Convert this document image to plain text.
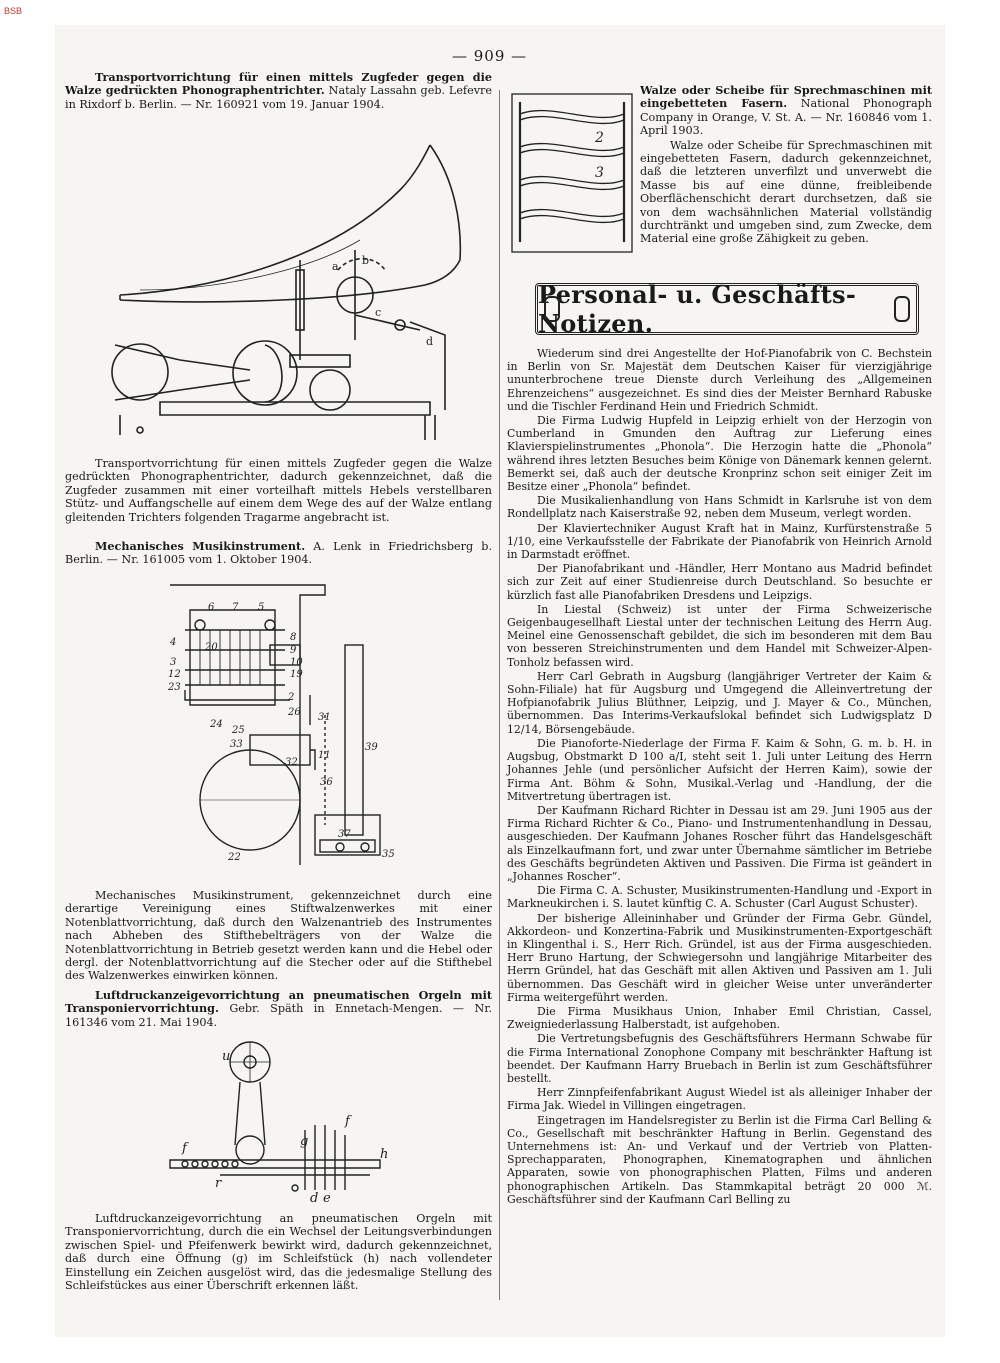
BSB
— 909 —

Transportvorrichtung für einen mittels Zugfeder gegen die Walze gedrückten Phonographentrichter. Nataly Lassahn geb. Lefevre in Rixdorf b. Berlin. — Nr. 160921 vom 19. Januar 1904.

a b
c
d

Transportvorrichtung für einen mittels Zugfeder gegen die Walze gedrückten Phonographentrichter, dadurch gekennzeichnet, daß die Zugfeder zusammen mit einer vorteilhaft mittels Hebels verstellbaren Stütz- und Auffangschelle auf einem dem Wege des auf der Walze entlang gleitenden Trichters folgenden Tragarme angebracht ist.

Mechanisches Musikinstrument. A. Lenk in Friedrichsberg b. Berlin. — Nr. 161005 vom 1. Oktober 1904.

6 7 5
4	8
20	9
10
19
3
12
23
2
26
24
25
33
32
36
31
39
11
37
35
22

Mechanisches Musikinstrument, gekennzeichnet durch eine derartige Vereinigung eines Stiftwalzenwerkes mit einer Notenblattvorrichtung, daß durch den Walzenantrieb des Instrumentes nach Abheben des Stifthebelträgers von der Walze die Notenblattvorrichtung in Betrieb gesetzt werden kann und die Hebel oder dergl. der Notenblattvorrichtung auf die Stecher oder auf die Stifthebel des Walzenwerkes einwirken können.

Luftdruckanzeigevorrichtung an pneumatischen Orgeln mit Transponiervorrichtung. Gebr. Späth in Ennetach-Mengen. — Nr. 161346 vom 21. Mai 1904.

u
f
r
g
h
d e
f

Luftdruckanzeigevorrichtung an pneumatischen Orgeln mit Transponiervorrichtung, durch die ein Wechsel der Leitungsverbindungen zwischen Spiel- und Pfeifenwerk bewirkt wird, dadurch gekennzeichnet, daß durch eine Öffnung (g) im Schleifstück (h) nach vollendeter Einstellung ein Zeichen ausgelöst wird, das die jedesmalige Stellung des Schleifstückes aus einer Überschrift erkennen läßt.

2
3

Walze oder Scheibe für Sprechmaschinen mit eingebetteten Fasern. National Phonograph Company in Orange, V. St. A. — Nr. 160846 vom 1. April 1903.

Walze oder Scheibe für Sprechmaschinen mit eingebetteten Fasern, dadurch gekennzeichnet, daß die letzteren unverfilzt und unverwebt die Masse bis auf eine dünne, freibleibende Oberflächenschicht derart durchsetzen, daß sie von dem wachsähnlichen Material vollständig durchtränkt und umgeben sind, zum Zwecke, dem Material eine große Zähigkeit zu geben.

Personal- u. Geschäfts-Notizen.

Wiederum sind drei Angestellte der Hof-Pianofabrik von C. Bechstein in Berlin von Sr. Majestät dem Deutschen Kaiser für vierzigjährige ununterbrochene treue Dienste durch Verleihung des „Allgemeinen Ehrenzeichens“ ausgezeichnet. Es sind dies der Meister Bernhard Rabuske und die Tischler Ferdinand Hein und Friedrich Schmidt.

Die Firma Ludwig Hupfeld in Leipzig erhielt von der Herzogin von Cumberland in Gmunden den Auftrag zur Lieferung eines Klavierspielinstrumentes „Phonola“. Die Herzogin hatte die „Phonola“ während ihres letzten Besuches beim Könige von Dänemark kennen gelernt. Bemerkt sei, daß auch der deutsche Kronprinz schon seit einiger Zeit im Besitze einer „Phonola“ befindet.

Die Musikalienhandlung von Hans Schmidt in Karlsruhe ist von dem Rondellplatz nach Kaiserstraße 92, neben dem Museum, verlegt worden.

Der Klaviertechniker August Kraft hat in Mainz, Kurfürstenstraße 5 1/10, eine Verkaufsstelle der Fabrikate der Pianofabrik von Heinrich Arnold in Darmstadt eröffnet.

Der Pianofabrikant und -Händler, Herr Montano aus Madrid befindet sich zur Zeit auf einer Studienreise durch Deutschland. So besuchte er kürzlich fast alle Pianofabriken Dresdens und Leipzigs.

In Liestal (Schweiz) ist unter der Firma Schweizerische Geigenbaugesellhaft Liestal unter der technischen Leitung des Herrn Aug. Meinel eine Genossenschaft gebildet, die sich im besonderen mit dem Bau von besseren Streichinstrumenten und dem Handel mit Schweizer-Alpen-Tonholz befassen wird.

Herr Carl Gebrath in Augsburg (langjähriger Vertreter der Kaim & Sohn-Filiale) hat für Augsburg und Umgegend die Alleinvertretung der Hofpianofabrik Julius Blüthner, Leipzig, und J. Mayer & Co., München, übernommen. Das Interims-Verkaufslokal befindet sich Ludwigsplatz D 12/14, Börsengebäude.

Die Pianoforte-Niederlage der Firma F. Kaim & Sohn, G. m. b. H. in Augsbug, Obstmarkt D 100 a/I, steht seit 1. Juli unter Leitung des Herrn Johannes Jehle (und persönlicher Aufsicht der Herren Kaim), sowie der Firma Ant. Böhm & Sohn, Musikal.-Verlag und -Handlung, der die Mitvertretung übertragen ist.

Der Kaufmann Richard Richter in Dessau ist am 29. Juni 1905 aus der Firma Richard Richter & Co., Piano- und Instrumentenhandlung in Dessau, ausgeschieden. Der Kaufmann Johanes Roscher führt das Handelsgeschäft als Einzelkaufmann fort, und zwar unter Übernahme sämtlicher im Betriebe des Geschäfts begründeten Aktiven und Passiven. Die Firma ist geändert in „Johannes Roscher“.

Die Firma C. A. Schuster, Musikinstrumenten-Handlung und -Export in Markneukirchen i. S. lautet künftig C. A. Schuster (Carl August Schuster).

Der bisherige Alleininhaber und Gründer der Firma Gebr. Gündel, Akkordeon- und Konzertina-Fabrik und Musikinstrumenten-Exportgeschäft in Klingenthal i. S., Herr Rich. Gründel, ist aus der Firma ausgeschieden. Herr Bruno Hartung, der Schwiegersohn und langjährige Mitarbeiter des Herrn Gründel, hat das Geschäft mit allen Aktiven und Passiven am 1. Juli übernommen. Das Geschäft wird in gleicher Weise unter unveränderter Firma weitergeführt werden.

Die Firma Musikhaus Union, Inhaber Emil Christian, Cassel, Zweigniederlassung Halberstadt, ist aufgehoben.

Die Vertretungsbefugnis des Geschäftsführers Hermann Schwabe für die Firma International Zonophone Company mit beschränkter Haftung ist beendet. Der Kaufmann Harry Bruebach in Berlin ist zum Geschäftsführer bestellt.

Herr Zinnpfeifenfabrikant August Wiedel ist als alleiniger Inhaber der Firma Jak. Wiedel in Villingen eingetragen.

Eingetragen im Handelsregister zu Berlin ist die Firma Carl Belling & Co., Gesellschaft mit beschränkter Haftung in Berlin. Gegenstand des Unternehmens ist: An- und Verkauf und der Vertrieb von Platten-Sprechapparaten, Phonographen, Kinematographen und ähnlichen Apparaten, sowie von phonographischen Platten, Films und anderen phonographischen Artikeln. Das Stammkapital beträgt 20 000 ℳ. Geschäftsführer sind der Kaufmann Carl Belling zu
